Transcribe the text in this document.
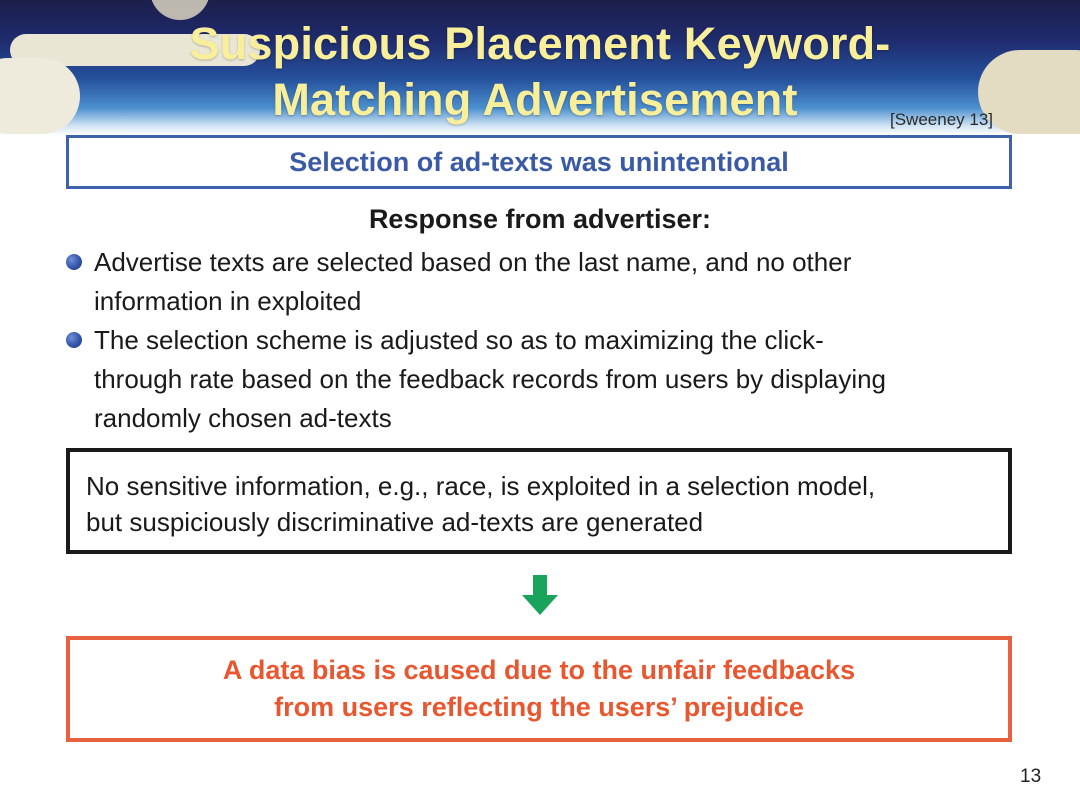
Suspicious Placement Keyword-
Matching Advertisement	[Sweeney 13]
Selection of ad-texts was unintentional
Response from advertiser:
Advertise texts are selected based on the last name, and no other
information in exploited
The selection scheme is adjusted so as to maximizing the click-
through rate based on the feedback records from users by displaying
randomly chosen ad-texts
No sensitive information, e.g., race, is exploited in a selection model,
but suspiciously discriminative ad-texts are generated
A data bias is caused due to the unfair feedbacks
from users reflecting the users’ prejudice
13
